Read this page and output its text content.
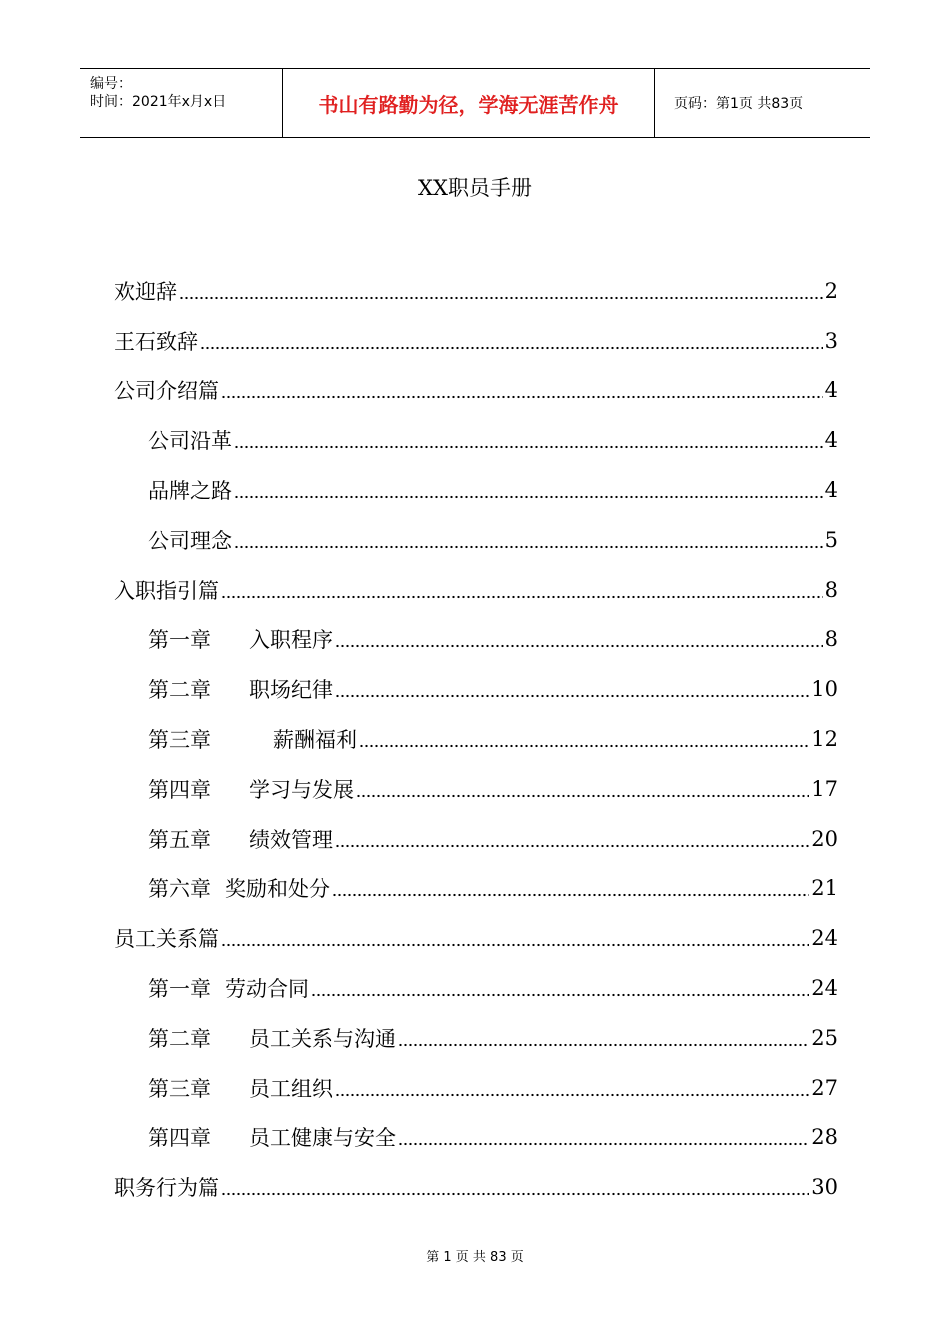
编号：
时间：2021年x月x日	书山有路勤为径，学海无涯苦作舟	页码：第1页 共83页
XX职员手册
欢迎辞	2
王石致辞	3
公司介绍篇	4
公司沿革	4
品牌之路	4
公司理念	5
入职指引篇	8
第一章 入职程序	8
第二章 职场纪律	10
第三章	薪酬福利	12
第四章 学习与发展	17
第五章 绩效管理	20
第六章 奖励和处分	21
员工关系篇	24
第一章 劳动合同	24
第二章 员工关系与沟通	25
第三章 员工组织	27
第四章 员工健康与安全	28
职务行为篇	30
第 1 页 共 83 页
